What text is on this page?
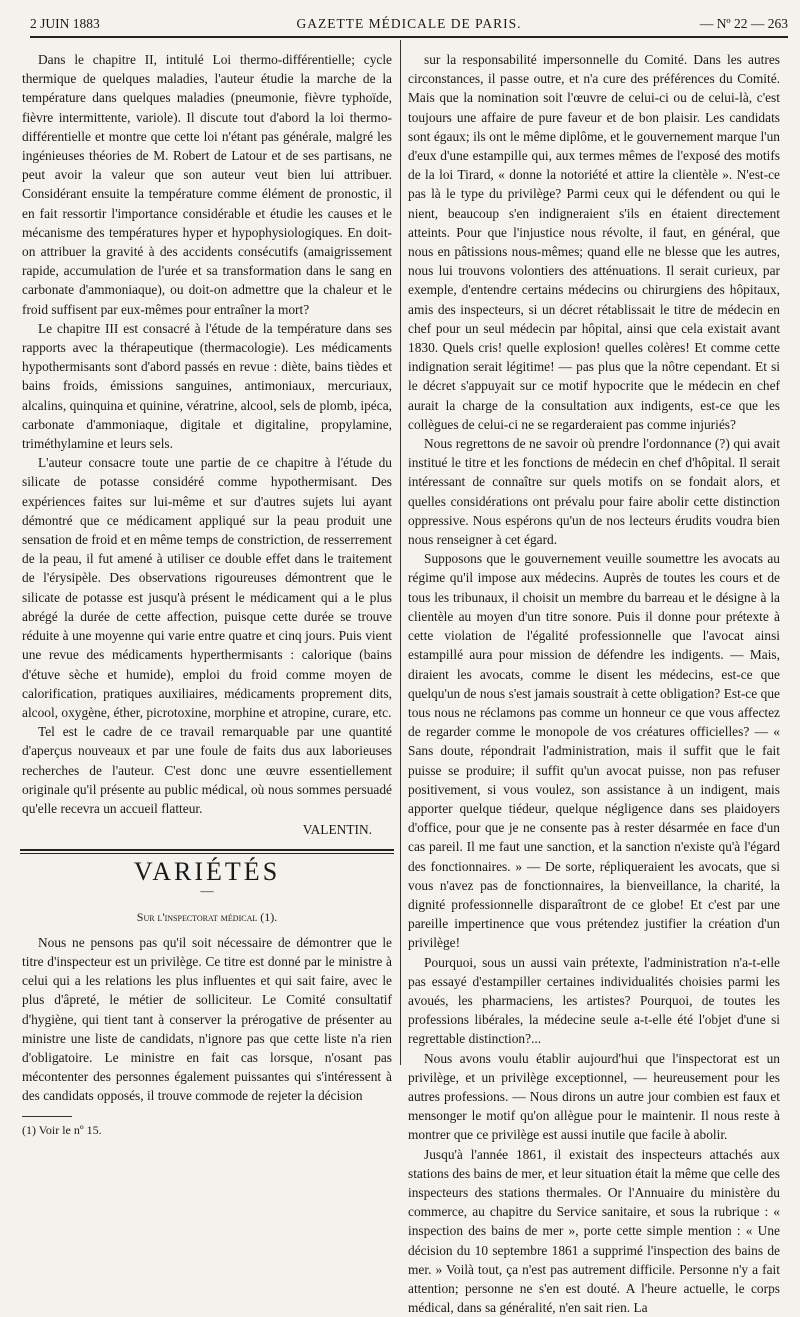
2 JUIN 1883	GAZETTE MÉDICALE DE PARIS.	— Nº 22 — 263

Dans le chapitre II, intitulé Loi thermo-différentielle; cycle thermique de quelques maladies, l'auteur étudie la marche de la température dans quelques maladies (pneumonie, fièvre typhoïde, fièvre intermittente, variole). Il discute tout d'abord la loi thermo-différentielle et montre que cette loi n'étant pas générale, malgré les ingénieuses théories de M. Robert de Latour et de ses partisans, ne peut avoir la valeur que son auteur veut bien lui attribuer. Considérant ensuite la température comme élément de pronostic, il en fait ressortir l'importance considérable et étudie les causes et le mécanisme des températures hyper et hypophysiologiques. En doit-on attribuer la gravité à des accidents consécutifs (amaigrissement rapide, accumulation de l'urée et sa transformation dans le sang en carbonate d'ammoniaque), ou doit-on admettre que la chaleur et le froid suffisent par eux-mêmes pour entraîner la mort?

Le chapitre III est consacré à l'étude de la température dans ses rapports avec la thérapeutique (thermacologie). Les médicaments hypothermisants sont d'abord passés en revue : diète, bains tièdes et bains froids, émissions sanguines, antimoniaux, mercuriaux, alcalins, quinquina et quinine, vératrine, alcool, sels de plomb, ipéca, carbonate d'ammoniaque, digitale et digitaline, propylamine, triméthylamine et leurs sels.

L'auteur consacre toute une partie de ce chapitre à l'étude du silicate de potasse considéré comme hypothermisant. Des expériences faites sur lui-même et sur d'autres sujets lui ayant démontré que ce médicament appliqué sur la peau produit une sensation de froid et en même temps de constriction, de resserrement de la peau, il fut amené à utiliser ce double effet dans le traitement de l'érysipèle. Des observations rigoureuses démontrent que le silicate de potasse est jusqu'à présent le médicament qui a le plus abrégé la durée de cette affection, puisque cette durée se trouve réduite à une moyenne qui varie entre quatre et cinq jours. Puis vient une revue des médicaments hyperthermisants : calorique (bains d'étuve sèche et humide), emploi du froid comme moyen de calorification, pratiques auxiliaires, médicaments proprement dits, alcool, oxygène, éther, picrotoxine, morphine et atropine, curare, etc.

Tel est le cadre de ce travail remarquable par une quantité d'aperçus nouveaux et par une foule de faits dus aux laborieuses recherches de l'auteur. C'est donc une œuvre essentiellement originale qu'il présente au public médical, où nous sommes persuadé qu'elle recevra un accueil flatteur.

VALENTIN.
VARIÉTÉS
—
Sur l'inspectorat médical (1).

Nous ne pensons pas qu'il soit nécessaire de démontrer que le titre d'inspecteur est un privilège. Ce titre est donné par le ministre à celui qui a les relations les plus influentes et qui sait faire, avec le plus d'âpreté, le métier de solliciteur. Le Comité consultatif d'hygiène, qui tient tant à conserver la prérogative de présenter au ministre une liste de candidats, n'ignore pas que cette liste n'a rien d'obligatoire. Le ministre en fait cas lorsque, n'osant pas mécontenter des personnes également puissantes qui s'intéressent à des candidats opposés, il trouve commode de rejeter la décision

(1) Voir le nº 15.

sur la responsabilité impersonnelle du Comité. Dans les autres circonstances, il passe outre, et n'a cure des préférences du Comité. Mais que la nomination soit l'œuvre de celui-ci ou de celui-là, c'est toujours une affaire de pure faveur et de bon plaisir. Les candidats sont égaux; ils ont le même diplôme, et le gouvernement marque l'un d'eux d'une estampille qui, aux termes mêmes de l'exposé des motifs de la loi Tirard, « donne la notoriété et attire la clientèle ». N'est-ce pas là le type du privilège? Parmi ceux qui le défendent ou qui le nient, beaucoup s'en indigneraient s'ils en étaient directement atteints. Pour que l'injustice nous révolte, il faut, en général, que nous en pâtissions nous-mêmes; quand elle ne blesse que les autres, nous lui trouvons volontiers des atténuations. Il serait curieux, par exemple, d'entendre certains médecins ou chirurgiens des hôpitaux, amis des inspecteurs, si un décret rétablissait le titre de médecin en chef pour un seul médecin par hôpital, ainsi que cela existait avant 1830. Quels cris! quelle explosion! quelles colères! Et comme cette indignation serait légitime! — pas plus que la nôtre cependant. Et si le décret s'appuyait sur ce motif hypocrite que le médecin en chef aurait la charge de la consultation aux indigents, est-ce que les collègues de celui-ci ne se regarderaient pas comme injuriés?

Nous regrettons de ne savoir où prendre l'ordonnance (?) qui avait institué le titre et les fonctions de médecin en chef d'hôpital. Il serait intéressant de connaître sur quels motifs on se fondait alors, et quelles considérations ont prévalu pour faire abolir cette distinction oppressive. Nous espérons qu'un de nos lecteurs érudits voudra bien nous renseigner à cet égard.

Supposons que le gouvernement veuille soumettre les avocats au régime qu'il impose aux médecins. Auprès de toutes les cours et de tous les tribunaux, il choisit un membre du barreau et le désigne à la clientèle au moyen d'un titre sonore. Puis il donne pour prétexte à cette violation de l'égalité professionnelle que l'avocat ainsi estampillé aura pour mission de défendre les indigents. — Mais, diraient les avocats, comme le disent les médecins, est-ce que quelqu'un de nous s'est jamais soustrait à cette obligation? Est-ce que tous nous ne réclamons pas comme un honneur ce que vous affectez de regarder comme le monopole de vos créatures officielles? — « Sans doute, répondrait l'administration, mais il suffit que le fait puisse se produire; il suffit qu'un avocat puisse, non pas refuser positivement, si vous voulez, son assistance à un indigent, mais apporter quelque tiédeur, quelque négligence dans ses plaidoyers d'office, pour que je ne consente pas à rester désarmée en face d'un cas pareil. Il me faut une sanction, et la sanction n'existe qu'à l'égard des fonctionnaires. » — De sorte, répliqueraient les avocats, que si vous n'avez pas de fonctionnaires, la bienveillance, la charité, la dignité professionnelle disparaîtront de ce globe! Et c'est par une pareille impertinence que vous prétendez justifier la création d'un privilège!

Pourquoi, sous un aussi vain prétexte, l'administration n'a-t-elle pas essayé d'estampiller certaines individualités choisies parmi les avoués, les pharmaciens, les artistes? Pourquoi, de toutes les professions libérales, la médecine seule a-t-elle été l'objet d'une si regrettable distinction?...

Nous avons voulu établir aujourd'hui que l'inspectorat est un privilège, et un privilège exceptionnel, — heureusement pour les autres professions. — Nous dirons un autre jour combien est faux et mensonger le motif qu'on allègue pour le maintenir. Il nous reste à montrer que ce privilège est aussi inutile que facile à abolir.

Jusqu'à l'année 1861, il existait des inspecteurs attachés aux stations des bains de mer, et leur situation était la même que celle des inspecteurs des stations thermales. Or l'Annuaire du ministère du commerce, au chapitre du Service sanitaire, et sous la rubrique : « inspection des bains de mer », porte cette simple mention : « Une décision du 10 septembre 1861 a supprimé l'inspection des bains de mer. » Voilà tout, ça n'est pas autrement difficile. Personne n'y a fait attention; personne ne s'en est douté. A l'heure actuelle, le corps médical, dans sa généralité, n'en sait rien. La
